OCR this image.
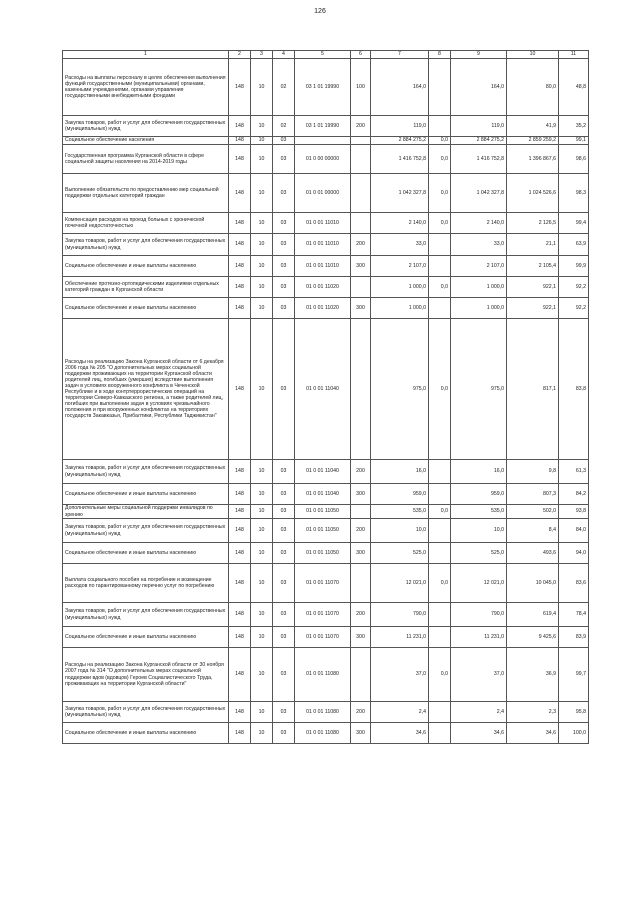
126
1	2	3	4	5	6	7	8	9	10	11
Расходы на выплаты персоналу в целях обеспечения выполнения функций государственными (муниципальными) органами, казенными учреждениями, органами управления государственными внебюджетными фондами	148	10	02	03 1 01 19990	100	164,0		164,0	80,0	48,8
Закупка товаров, работ и услуг для обеспечения государственных (муниципальных) нужд	148	10	02	03 1 01 19990	200	119,0		119,0	41,9	35,2
Социальное обеспечение населения	148	10	03			2 884 275,2	0,0	2 884 275,2	2 859 259,2	99,1
Государственная программа Курганской области в сфере социальной защиты населения на 2014-2019 годы	148	10	03	01 0 00 00000		1 416 752,8	0,0	1 416 752,8	1 396 867,6	98,6
Выполнение обязательств по предоставлению мер социальной поддержки отдельных категорий граждан	148	10	03	01 0 01 00000		1 042 327,8	0,0	1 042 327,8	1 024 526,6	98,3
Компенсация расходов на проезд больных с хронической почечной недостаточностью	148	10	03	01 0 01 11010		2 140,0	0,0	2 140,0	2 126,5	99,4
Закупка товаров, работ и услуг для обеспечения государственных (муниципальных) нужд	148	10	03	01 0 01 11010	200	33,0		33,0	21,1	63,9
Социальное обеспечение и иные выплаты населению	148	10	03	01 0 01 11010	300	2 107,0		2 107,0	2 105,4	99,9
Обеспечение протезно-ортопедическими изделиями отдельных категорий граждан в Курганской области	148	10	03	01 0 01 11020		1 000,0	0,0	1 000,0	922,1	92,2
Социальное обеспечение и иные выплаты населению	148	10	03	01 0 01 11020	300	1 000,0		1 000,0	922,1	92,2
Расходы на реализацию Закона Курганской области от 6 декабря 2006 года № 205 "О дополнительных мерах социальной поддержки проживающих на территории Курганской области родителей лиц, погибших (умерших) вследствие выполнения задач в условиях вооруженного конфликта в Чеченской Республике и в ходе контртеррористических операций на территории Северо-Кавказского региона, а также родителей лиц, погибших при выполнении задач в условиях чрезвычайного положения и при вооруженных конфликтах на территориях государств Закавказья, Прибалтики, Республики Таджикистан"	148	10	03	01 0 01 11040		975,0	0,0	975,0	817,1	83,8
Закупка товаров, работ и услуг для обеспечения государственных (муниципальных) нужд	148	10	03	01 0 01 11040	200	16,0		16,0	9,8	61,3
Социальное обеспечение и иные выплаты населению	148	10	03	01 0 01 11040	300	959,0		959,0	807,3	84,2
Дополнительные меры социальной поддержки инвалидов по зрению	148	10	03	01 0 01 11050		535,0	0,0	535,0	502,0	93,8
Закупка товаров, работ и услуг для обеспечения государственных (муниципальных) нужд	148	10	03	01 0 01 11050	200	10,0		10,0	8,4	84,0
Социальное обеспечение и иные выплаты населению	148	10	03	01 0 01 11050	300	525,0		525,0	493,6	94,0
Выплата социального пособия на погребение и возмещение расходов по гарантированному перечню услуг по погребению	148	10	03	01 0 01 11070		12 021,0	0,0	12 021,0	10 045,0	83,6
Закупка товаров, работ и услуг для обеспечения государственных (муниципальных) нужд	148	10	03	01 0 01 11070	200	790,0		790,0	619,4	78,4
Социальное обеспечение и иные выплаты населению	148	10	03	01 0 01 11070	300	11 231,0		11 231,0	9 425,6	83,9
Расходы на реализацию Закона Курганской области от 30 ноября 2007 года № 314 "О дополнительных мерах социальной поддержки вдов (вдовцов) Героев Социалистического Труда, проживающих на территории Курганской области"	148	10	03	01 0 01 11080		37,0	0,0	37,0	36,9	99,7
Закупка товаров, работ и услуг для обеспечения государственных (муниципальных) нужд	148	10	03	01 0 01 11080	200	2,4		2,4	2,3	95,8
Социальное обеспечение и иные выплаты населению	148	10	03	01 0 01 11080	300	34,6		34,6	34,6	100,0
